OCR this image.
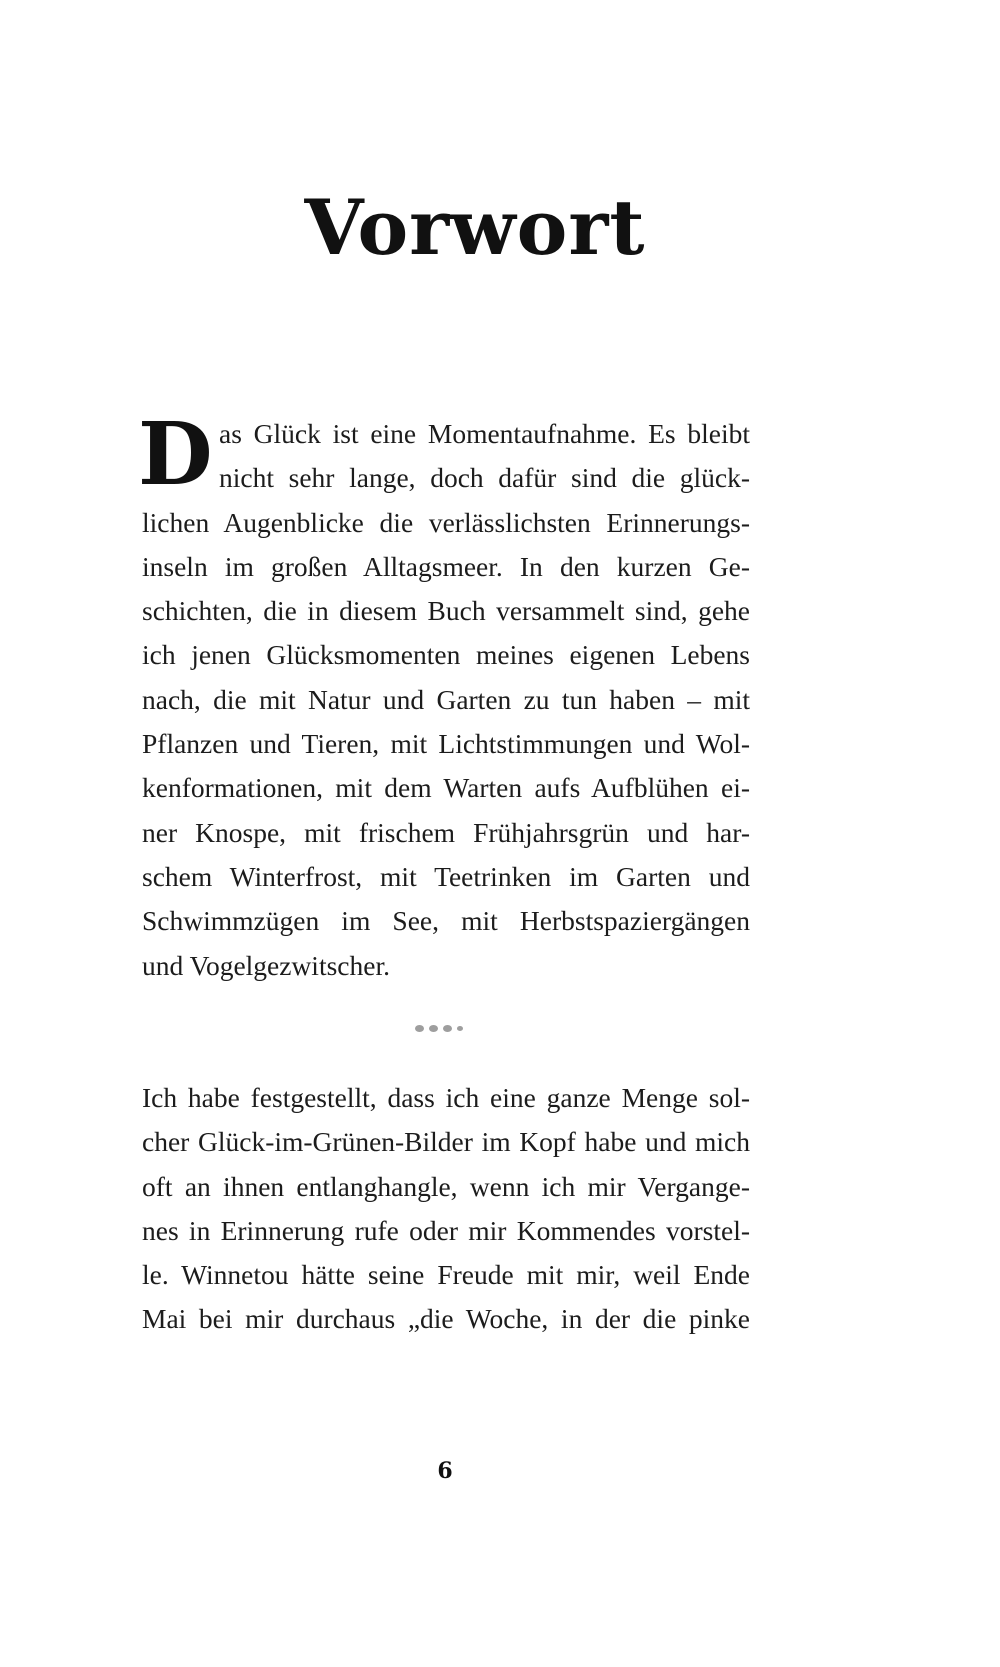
Vorwort
D as Glück ist eine Momentaufnahme. Es bleibt
nicht sehr lange, doch dafür sind die glück-
lichen Augenblicke die verlässlichsten Erinnerungs-
inseln im großen Alltagsmeer. In den kurzen Ge-
schichten, die in diesem Buch versammelt sind, gehe
ich jenen Glücksmomenten meines eigenen Lebens
nach, die mit Natur und Garten zu tun haben – mit
Pflanzen und Tieren, mit Lichtstimmungen und Wol-
kenformationen, mit dem Warten aufs Aufblühen ei-
ner Knospe, mit frischem Frühjahrsgrün und har-
schem Winterfrost, mit Teetrinken im Garten und
Schwimmzügen im See, mit Herbstspaziergängen
und Vogelgezwitscher.
Ich habe festgestellt, dass ich eine ganze Menge sol-
cher Glück-im-Grünen-Bilder im Kopf habe und mich
oft an ihnen entlanghangle, wenn ich mir Vergange-
nes in Erinnerung rufe oder mir Kommendes vorstel-
le. Winnetou hätte seine Freude mit mir, weil Ende
Mai bei mir durchaus „die Woche, in der die pinke
6
